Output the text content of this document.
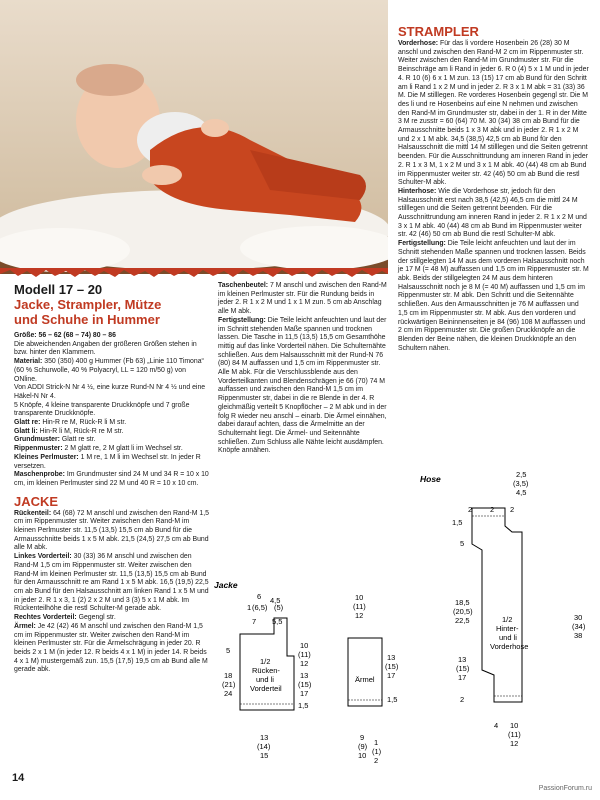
Modell 17 – 20
Jacke, Strampler, Mütze
und Schuhe in Hummer

Größe: 56 – 62 (68 – 74) 80 – 86

Die abweichenden Angaben der größeren Größen stehen in bzw. hinter den Klammern.

Material: 350 (350) 400 g Hummer (Fb 63) „Linie 110 Timona“ (60 % Schurwolle, 40 % Polyacryl, LL = 120 m/50 g) von ONline.

Von ADDI Strick-N Nr 4 ½, eine kurze Rund-N Nr 4 ½ und eine Häkel-N Nr 4.

5 Knöpfe, 4 kleine transparente Druckknöpfe und 7 große transparente Druckknöpfe.

Glatt re: Hin-R re M, Rück-R li M str.

Glatt li: Hin-R li M, Rück-R re M str.

Grundmuster: Glatt re str.

Rippenmuster: 2 M glatt re, 2 M glatt li im Wechsel str.

Kleines Perlmuster: 1 M re, 1 M li im Wechsel str. In jeder R versetzen.

Maschenprobe: Im Grundmuster sind 24 M und 34 R = 10 x 10 cm, im kleinen Perlmuster sind 22 M und 40 R = 10 x 10 cm.

JACKE

Rückenteil: 64 (68) 72 M anschl und zwischen den Rand-M 1,5 cm im Rippenmuster str. Weiter zwischen den Rand-M im kleinen Perlmuster str. 11,5 (13,5) 15,5 cm ab Bund für die Armausschnitte beids 1 x 5 M abk. 21,5 (24,5) 27,5 cm ab Bund alle M abk.

Linkes Vorderteil: 30 (33) 36 M anschl und zwischen den Rand-M 1,5 cm im Rippenmuster str. Weiter zwischen den Rand-M im kleinen Perlmuster str. 11,5 (13,5) 15,5 cm ab Bund für den Armausschnitt re am Rand 1 x 5 M abk. 16,5 (19,5) 22,5 cm ab Bund für den Halsausschnitt am linken Rand 1 x 5 M und in jeder 2. R 1 x 3, 1 (2) 2 x 2 M und 3 (3) 5 x 1 M abk. Im Rückenteilhöhe die restl Schulter-M gerade abk.

Rechtes Vorderteil: Gegengl str.

Ärmel: Je 42 (42) 46 M anschl und zwischen den Rand-M 1,5 cm im Rippenmuster str. Weiter zwischen den Rand-M im kleinen Perlmuster str. Für die Ärmelschrägung in jeder 20. R beids 2 x 1 M (in jeder 12. R beids 4 x 1 M) in jeder 14. R beids 4 x 1 M) mustergemäß zun. 15,5 (17,5) 19,5 cm ab Bund alle M gerade abk.

Taschenbeutel: 7 M anschl und zwischen den Rand-M im kleinen Perlmuster str. Für die Rundung beids in jeder 2. R 1 x 2 M und 1 x 1 M zun. 5 cm ab Anschlag alle M abk.

Fertigstellung: Die Teile leicht anfeuchten und laut der im Schnitt stehenden Maße spannen und trocknen lassen. Die Tasche in 11,5 (13,5) 15,5 cm Gesamthöhe mittig auf das linke Vorderteil nähen. Die Schulternähte schließen. Aus dem Halsausschnitt mit der Rund-N 76 (80) 84 M auffassen und 1,5 cm im Rippenmuster str. Alle M abk. Für die Verschlussblende aus den Vorderteilkanten und Blendenschrägen je 66 (70) 74 M auffassen und zwischen den Rand-M 1,5 cm im Rippenmuster str, dabei in die re Blende in der 4. R gleichmäßig verteilt 5 Knopflöcher – 2 M abk und in der folg R wieder neu anschl – einarb. Die Ärmel einnähen, dabei darauf achten, dass die Ärmelmitte an der Schulternaht liegt. Die Ärmel- und Seitennähte schließen. Zum Schluss alle Nähte leicht ausdämpfen. Knöpfe annähen.

STRAMPLER

Vorderhose: Für das li vordere Hosenbein 26 (28) 30 M anschl und zwischen den Rand-M 2 cm im Rippenmuster str. Weiter zwischen den Rand-M im Grundmuster str. Für die Beinschräge am li Rand in jeder 6. R 0 (4) 5 x 1 M und in jeder 4. R 10 (6) 6 x 1 M zun. 13 (15) 17 cm ab Bund für den Schritt am li Rand 1 x 2 M und in jeder 2. R 3 x 1 M abk = 31 (33) 36 M. Die M stilllegen. Re vorderes Hosenbein gegengl str. Die M des li und re Hosenbeins auf eine N nehmen und zwischen den Rand-M im Grundmuster str, dabei in der 1. R in der Mitte 3 M re zusstr = 60 (64) 70 M. 30 (34) 38 cm ab Bund für die Armausschnitte beids 1 x 3 M abk und in jeder 2. R 1 x 2 M und 2 x 1 M abk. 34,5 (38,5) 42,5 cm ab Bund für den Halsausschnitt die mittl 14 M stilllegen und die Seiten getrennt beenden. Für die Ausschnittrundung am inneren Rand in jeder 2. R 1 x 3 M, 1 x 2 M und 3 x 1 M abk. 40 (44) 48 cm ab Bund im Rippenmuster weiter str. 42 (46) 50 cm ab Bund die restl Schulter-M abk.

Hinterhose: Wie die Vorderhose str, jedoch für den Halsausschnitt erst nach 38,5 (42,5) 46,5 cm die mittl 24 M stilllegen und die Seiten getrennt beenden. Für die Ausschnittrundung am inneren Rand in jeder 2. R 1 x 2 M und 3 x 1 M abk. 40 (44) 48 cm ab Bund im Rippenmuster weiter str. 42 (46) 50 cm ab Bund die restl Schulter-M abk.

Fertigstellung: Die Teile leicht anfeuchten und laut der im Schnitt stehenden Maße spannen und trocknen lassen. Beids der stillgelegten 14 M aus dem vorderen Halsausschnitt noch je 17 M (= 48 M) auffassen und 1,5 cm im Rippenmuster str. M abk. Beids der stillgelegten 24 M aus dem hinteren Halsausschnitt noch je 8 M (= 40 M) auffassen und 1,5 cm im Rippenmuster str. M abk. Den Schritt und die Seitennähte schließen. Aus den Armausschnitten je 76 M auffassen und 1,5 cm im Rippenmuster str. M abk. Aus den vorderen und rückwärtigen Beininnenseiten je 84 (96) 108 M auffassen und 2 cm im Rippenmuster str. Die großen Druckknöpfe an die Blenden der Beine nähen, die kleinen Druckknöpfe an den Schultern nähen.

Jacke
6 4,5
1 (6,5) (5)
7 5,5
5
18
(21)
24
10
(11)
12
13
(15)
17
1,5
1/2
Rücken-
und li
Vorderteil
13
(14)
15
10
(11)
12
Ärmel
13
(15)
17
1,5
9
(9)
10
1
(1)
2
Hose	2,5
(3,5)
4,5
2 2
1,5
5
18,5
(20,5)
22,5	1/2
Hinter-
und li
Vorderhose
30
(34)
38
13
(15)
17
2
2
4 10
(11)
12
14
PassionForum.ru
